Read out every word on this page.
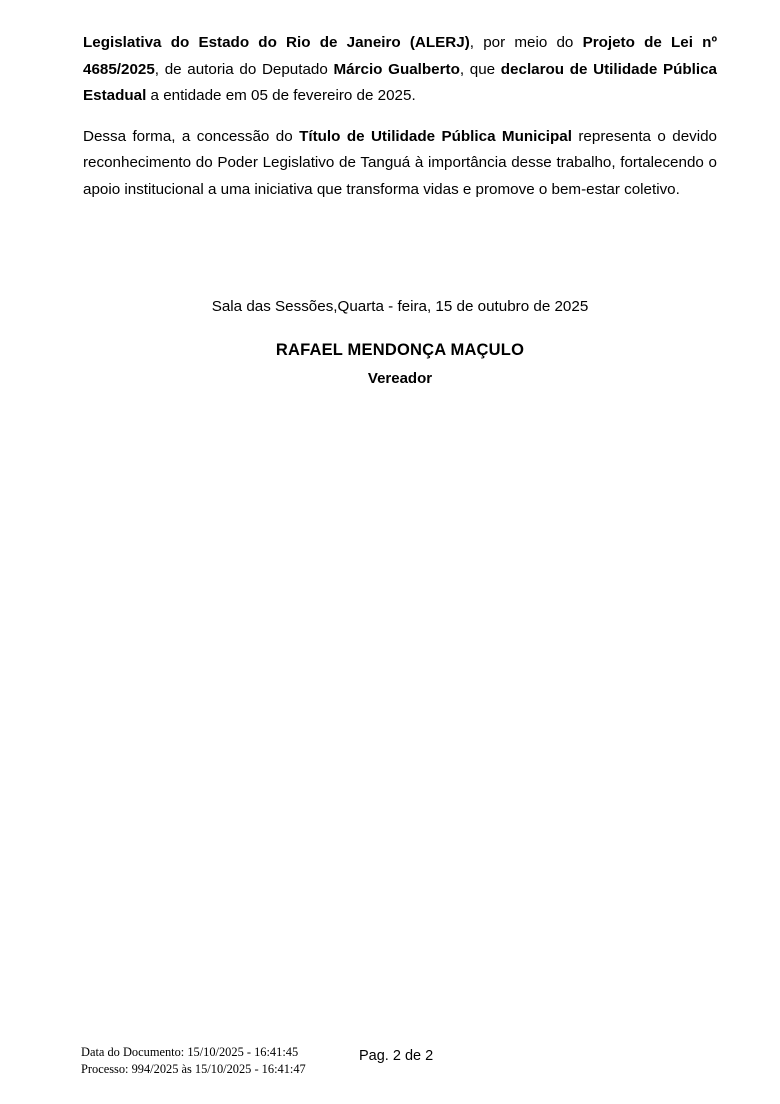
Legislativa do Estado do Rio de Janeiro (ALERJ), por meio do Projeto de Lei nº 4685/2025, de autoria do Deputado Márcio Gualberto, que declarou de Utilidade Pública Estadual a entidade em 05 de fevereiro de 2025.

Dessa forma, a concessão do Título de Utilidade Pública Municipal representa o devido reconhecimento do Poder Legislativo de Tanguá à importância desse trabalho, fortalecendo o apoio institucional a uma iniciativa que transforma vidas e promove o bem-estar coletivo.

Sala das Sessões,Quarta - feira, 15 de outubro de 2025
RAFAEL MENDONÇA MAÇULO
Vereador
Data do Documento: 15/10/2025 - 16:41:45
Processo: 994/2025 às 15/10/2025 - 16:41:47
Pag. 2 de 2
